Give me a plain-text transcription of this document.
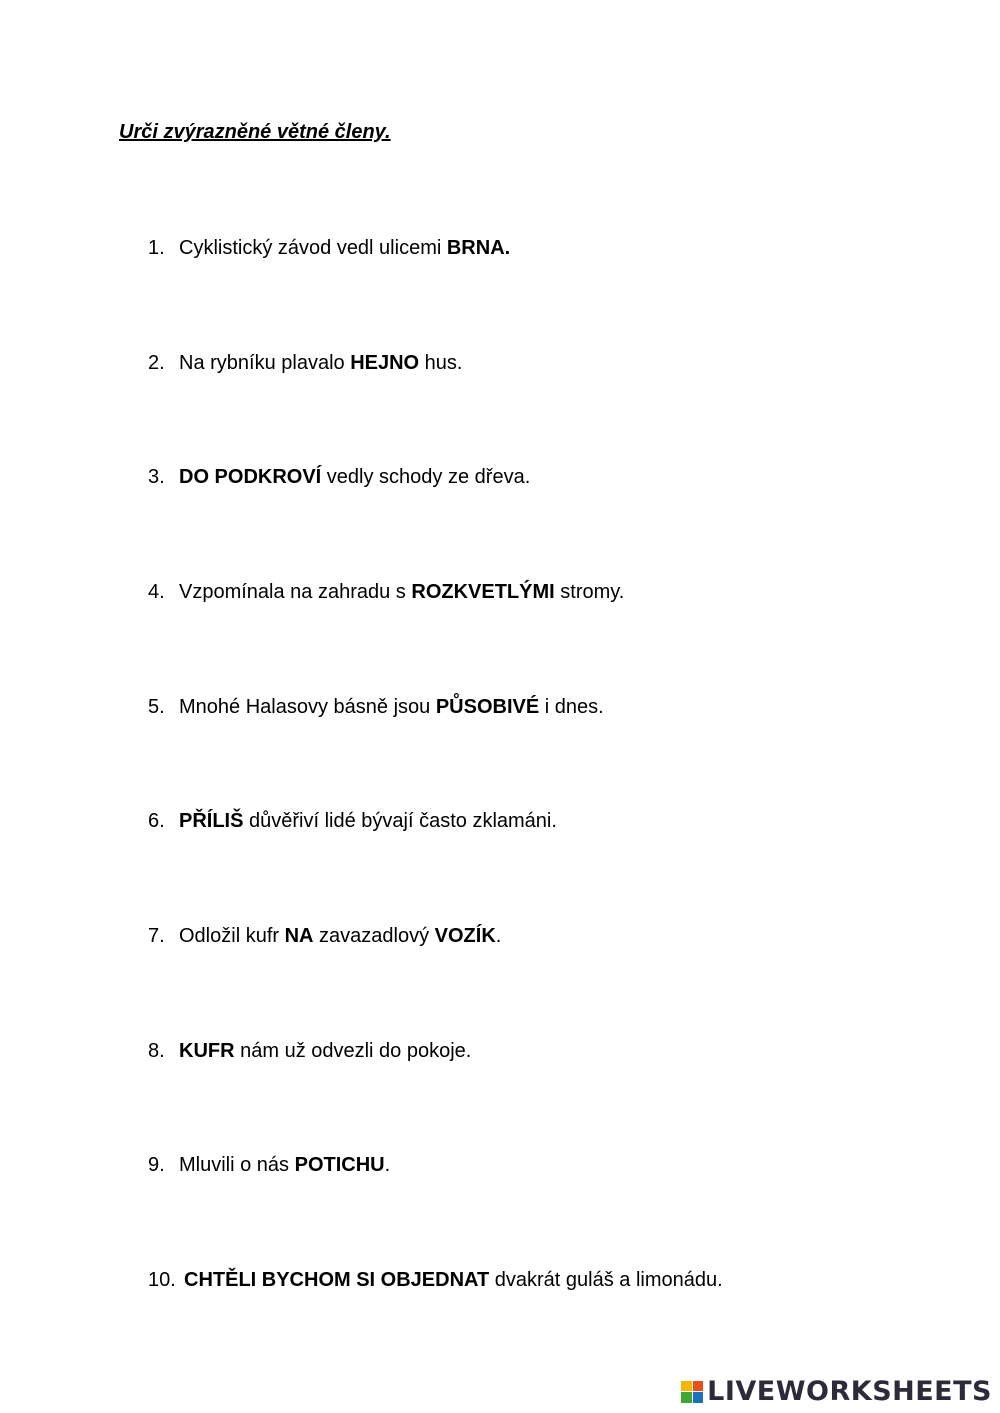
Urči zvýrazněné větné členy.
1. Cyklistický závod vedl ulicemi BRNA.
2. Na rybníku plavalo HEJNO hus.
3. DO PODKROVÍ vedly schody ze dřeva.
4. Vzpomínala na zahradu s ROZKVETLÝMI stromy.
5. Mnohé Halasovy básně jsou PŮSOBIVÉ i dnes.
6. PŘÍLIŠ důvěřiví lidé bývají často zklamáni.
7. Odložil kufr NA zavazadlový VOZÍK.
8. KUFR nám už odvezli do pokoje.
9. Mluvili o nás POTICHU.
10. CHTĚLI BYCHOM SI OBJEDNAT dvakrát guláš a limonádu.
LIVEWORKSHEETS
